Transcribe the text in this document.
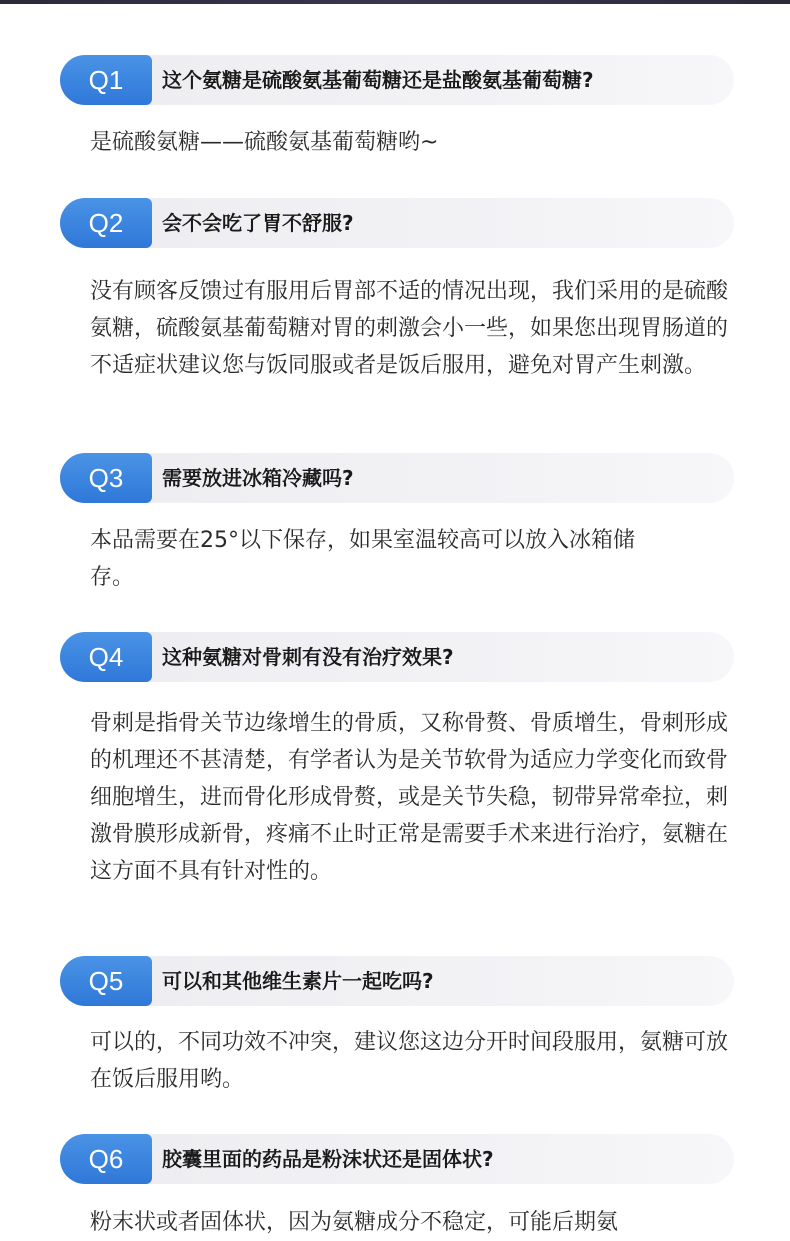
Q1	这个氨糖是硫酸氨基葡萄糖还是盐酸氨基葡萄糖?
是硫酸氨糖——硫酸氨基葡萄糖哟~
Q2	会不会吃了胃不舒服?
没有顾客反馈过有服用后胃部不适的情况出现，我们采用的是硫酸氨糖，硫酸氨基葡萄糖对胃的刺激会小一些，如果您出现胃肠道的不适症状建议您与饭同服或者是饭后服用，避免对胃产生刺激。
Q3	需要放进冰箱冷藏吗?
本品需要在25°以下保存，如果室温较高可以放入冰箱储存。
Q4	这种氨糖对骨刺有没有治疗效果?
骨刺是指骨关节边缘增生的骨质，又称骨赘、骨质增生，骨刺形成的机理还不甚清楚，有学者认为是关节软骨为适应力学变化而致骨细胞增生，进而骨化形成骨赘，或是关节失稳，韧带异常牵拉，刺激骨膜形成新骨，疼痛不止时正常是需要手术来进行治疗，氨糖在这方面不具有针对性的。
Q5	可以和其他维生素片一起吃吗?
可以的，不同功效不冲突，建议您这边分开时间段服用，氨糖可放在饭后服用哟。
Q6	胶囊里面的药品是粉沫状还是固体状?
粉末状或者固体状，因为氨糖成分不稳定，可能后期氨
